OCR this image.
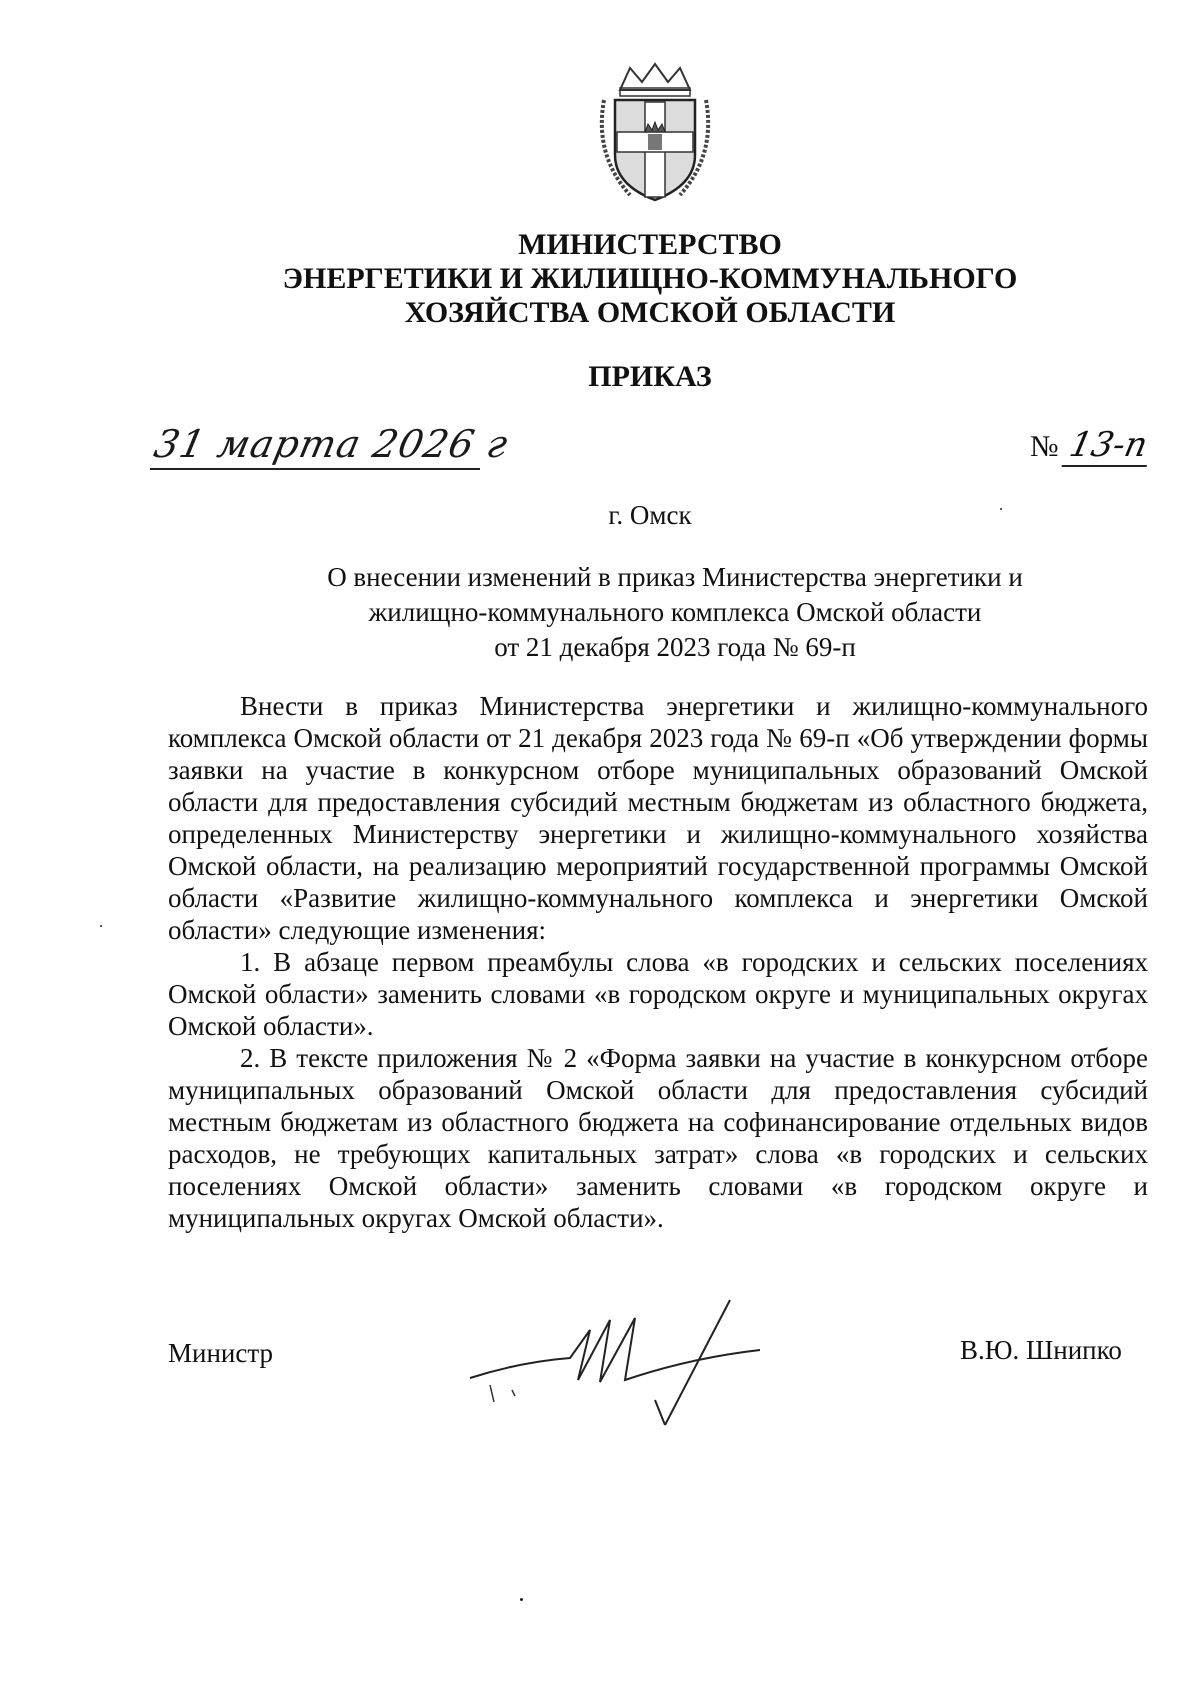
МИНИСТЕРСТВО
ЭНЕРГЕТИКИ И ЖИЛИЩНО-КОММУНАЛЬНОГО
ХОЗЯЙСТВА ОМСКОЙ ОБЛАСТИ
ПРИКАЗ
31 марта 2026 г	№ 13-п
г. Омск
О внесении изменений в приказ Министерства энергетики и
жилищно-коммунального комплекса Омской области
от 21 декабря 2023 года № 69-п

Внести в приказ Министерства энергетики и жилищно-коммунального комплекса Омской области от 21 декабря 2023 года № 69-п «Об утверждении формы заявки на участие в конкурсном отборе муниципальных образований Омской области для предоставления субсидий местным бюджетам из областного бюджета, определенных Министерству энергетики и жилищно-коммунального хозяйства Омской области, на реализацию мероприятий государственной программы Омской области «Развитие жилищно-коммунального комплекса и энергетики Омской области» следующие изменения:

1. В абзаце первом преамбулы слова «в городских и сельских поселениях Омской области» заменить словами «в городском округе и муниципальных округах Омской области».

2. В тексте приложения № 2 «Форма заявки на участие в конкурсном отборе муниципальных образований Омской области для предоставления субсидий местным бюджетам из областного бюджета на софинансирование отдельных видов расходов, не требующих капитальных затрат» слова «в городских и сельских поселениях Омской области» заменить словами «в городском округе и муниципальных округах Омской области».

Министр	В.Ю. Шнипко
